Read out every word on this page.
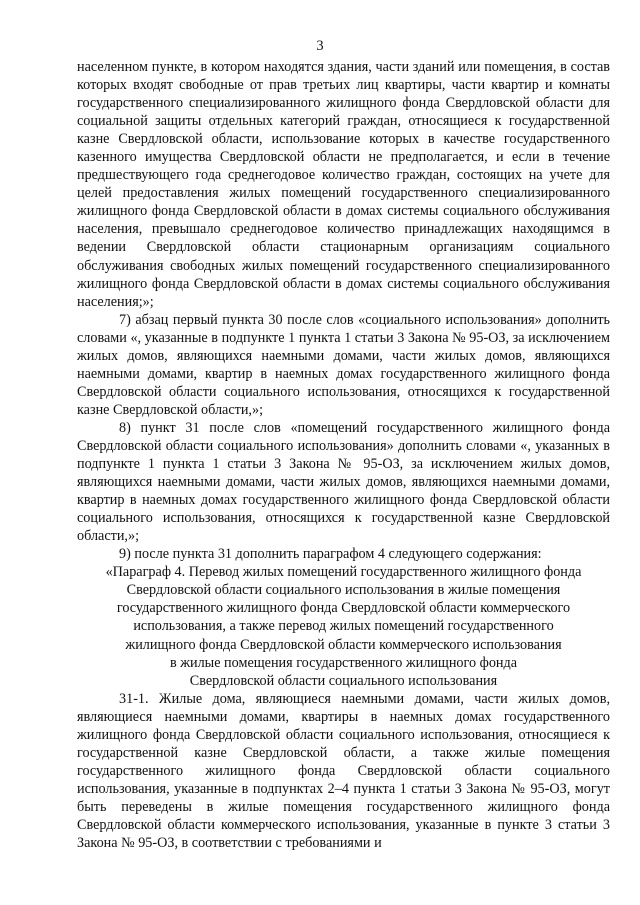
3

населенном пункте, в котором находятся здания, части зданий или помещения, в состав которых входят свободные от прав третьих лиц квартиры, части квартир и комнаты государственного специализированного жилищного фонда Свердловской области для социальной защиты отдельных категорий граждан, относящиеся к государственной казне Свердловской области, использование которых в качестве государственного казенного имущества Свердловской области не предполагается, и если в течение предшествующего года среднегодовое количество граждан, состоящих на учете для целей предоставления жилых помещений государственного специализированного жилищного фонда Свердловской области в домах системы социального обслуживания населения, превышало среднегодовое количество принадлежащих находящимся в ведении Свердловской области стационарным организациям социального обслуживания свободных жилых помещений государственного специализированного жилищного фонда Свердловской области в домах системы социального обслуживания населения;»;

7) абзац первый пункта 30 после слов «социального использования» дополнить словами «, указанные в подпункте 1 пункта 1 статьи 3 Закона № 95-ОЗ, за исключением жилых домов, являющихся наемными домами, части жилых домов, являющихся наемными домами, квартир в наемных домах государственного жилищного фонда Свердловской области социального использования, относящихся к государственной казне Свердловской области,»;

8) пункт 31 после слов «помещений государственного жилищного фонда Свердловской области социального использования» дополнить словами «, указанных в подпункте 1 пункта 1 статьи 3 Закона № 95-ОЗ, за исключением жилых домов, являющихся наемными домами, части жилых домов, являющихся наемными домами, квартир в наемных домах государственного жилищного фонда Свердловской области социального использования, относящихся к государственной казне Свердловской области,»;

9) после пункта 31 дополнить параграфом 4 следующего содержания:

«Параграф 4. Перевод жилых помещений государственного жилищного фонда

Свердловской области социального использования в жилые помещения

государственного жилищного фонда Свердловской области коммерческого

использования, а также перевод жилых помещений государственного

жилищного фонда Свердловской области коммерческого использования

в жилые помещения государственного жилищного фонда

Свердловской области социального использования

31-1. Жилые дома, являющиеся наемными домами, части жилых домов, являющиеся наемными домами, квартиры в наемных домах государственного жилищного фонда Свердловской области социального использования, относящиеся к государственной казне Свердловской области, а также жилые помещения государственного жилищного фонда Свердловской области социального использования, указанные в подпунктах 2–4 пункта 1 статьи 3 Закона № 95-ОЗ, могут быть переведены в жилые помещения государственного жилищного фонда Свердловской области коммерческого использования, указанные в пункте 3 статьи 3 Закона № 95-ОЗ, в соответствии с требованиями и
